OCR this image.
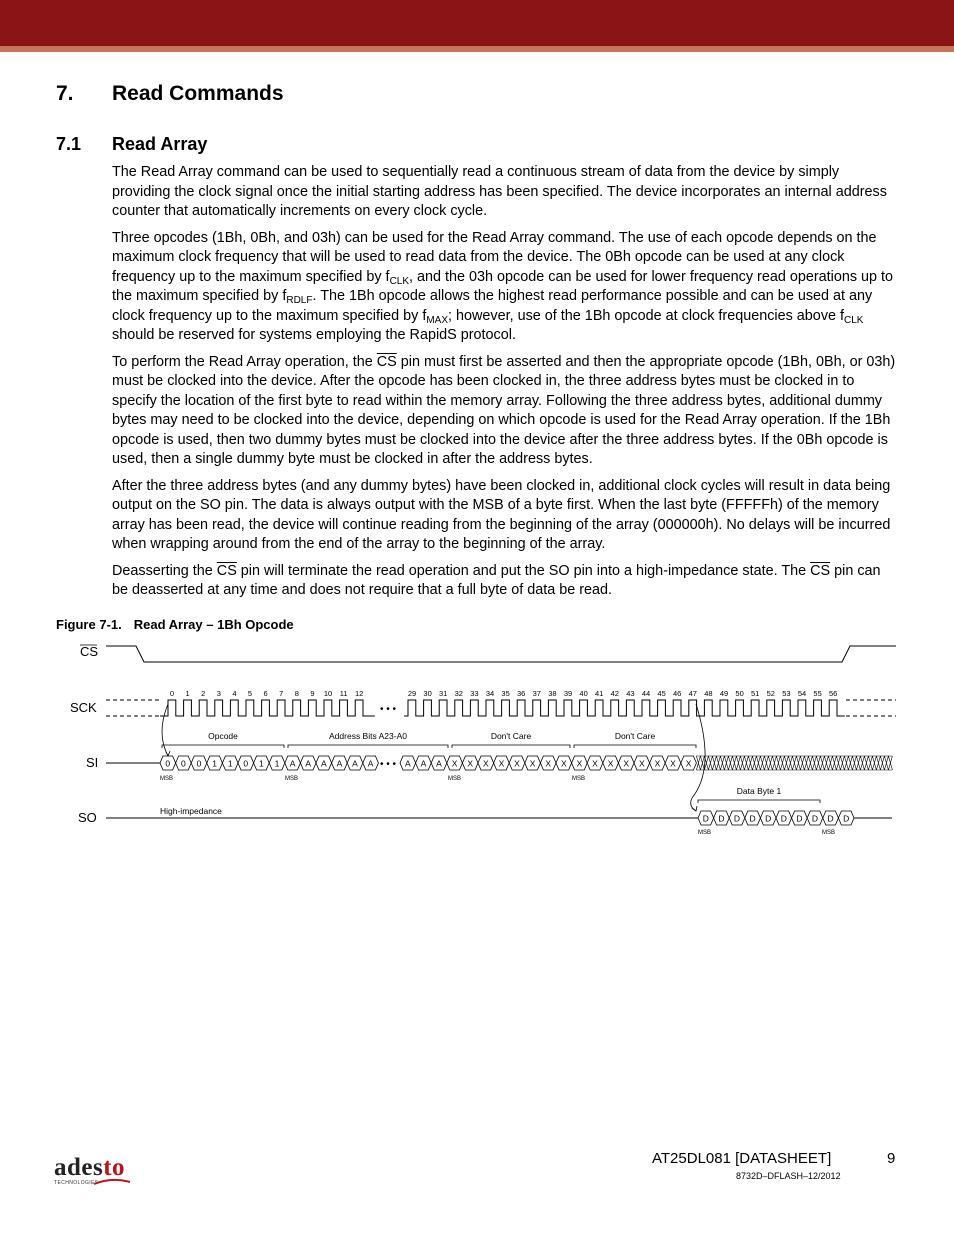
7. Read Commands
7.1 Read Array

The Read Array command can be used to sequentially read a continuous stream of data from the device by simply providing the clock signal once the initial starting address has been specified. The device incorporates an internal address counter that automatically increments on every clock cycle.

Three opcodes (1Bh, 0Bh, and 03h) can be used for the Read Array command. The use of each opcode depends on the maximum clock frequency that will be used to read data from the device. The 0Bh opcode can be used at any clock frequency up to the maximum specified by $f_{CLK}$, and the 03h opcode can be used for lower frequency read operations up to the maximum specified by $f_{RDLF}$. The 1Bh opcode allows the highest read performance possible and can be used at any clock frequency up to the maximum specified by $f_{MAX}$; however, use of the 1Bh opcode at clock frequencies above $f_{CLK}$ should be reserved for systems employing the RapidS protocol.

To perform the Read Array operation, the $\overline{CS}$ pin must first be asserted and then the appropriate opcode (1Bh, 0Bh, or 03h) must be clocked into the device. After the opcode has been clocked in, the three address bytes must be clocked in to specify the location of the first byte to read within the memory array. Following the three address bytes, additional dummy bytes may need to be clocked into the device, depending on which opcode is used for the Read Array operation. If the 1Bh opcode is used, then two dummy bytes must be clocked into the device after the three address bytes. If the 0Bh opcode is used, then a single dummy byte must be clocked in after the address bytes.

After the three address bytes (and any dummy bytes) have been clocked in, additional clock cycles will result in data being output on the SO pin. The data is always output with the MSB of a byte first. When the last byte (FFFFFh) of the memory array has been read, the device will continue reading from the beginning of the array (000000h). No delays will be incurred when wrapping around from the end of the array to the beginning of the array.

Deasserting the $\overline{CS}$ pin will terminate the read operation and put the SO pin into a high-impedance state. The $\overline{CS}$ pin can be deasserted at any time and does not require that a full byte of data be read.

Figure 7-1. Read Array – 1Bh Opcode
CS
SCK
SI
SO
• • •
0 1 2 3 4 5 6 7 8 9 10 11 12	29 30 31 32 33 34 35 36 37 38 39 40 41 42 43 44 45 46 47 48 49 50 51 52 53 54 55 56
0 0 0 1 1 0 1 1 A A A A A A • • • A A A X X X X X X X X X X X X X X X X
Opcode	Address Bits A23-A0	Don't Care	Don't Care
MSB	MSB	MSB	MSB
High-impedance
D D D D D D D D D D
Data Byte 1
MSB	MSB
adesto
TECHNOLOGIES
AT25DL081 [DATASHEET]	9
8732D–DFLASH–12/2012
